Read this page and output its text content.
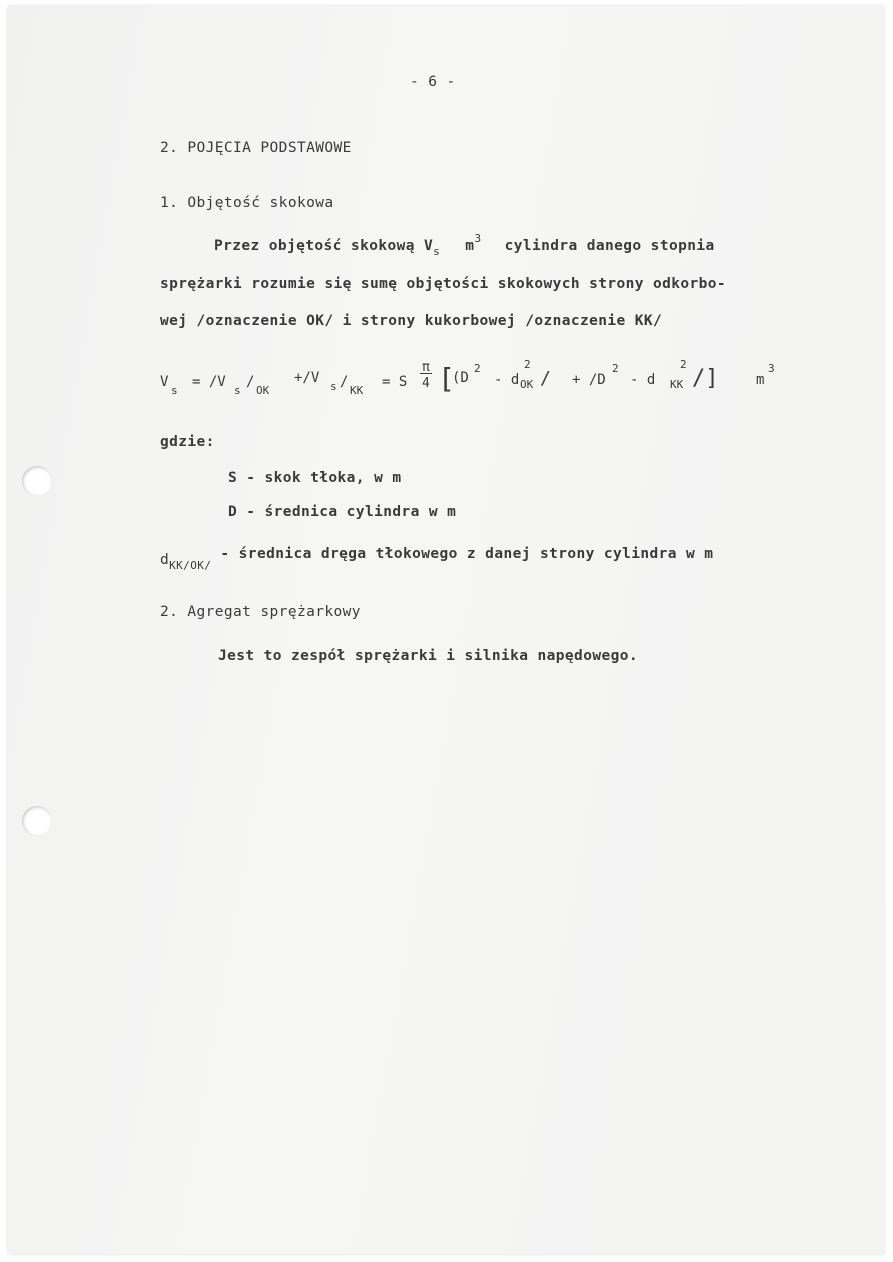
- 6 -
2. POJĘCIA PODSTAWOWE
1. Objętość skokowa
Przez objętość skokową $V_s$ $m^3$ cylindra danego stopnia
sprężarki rozumie się sumę objętości skokowych strony odkorbo-
wej /oznaczenie OK/ i strony kukorbowej /oznaczenie KK/
V
s
= /V
s
/
OK
+/V
s /
KK
= S
π
4 [
(D
2
- d
2
OK / + /D
2
- d
2
KK /]	m
3
gdzie:
S - skok tłoka, w m
D - średnica cylindra w m
$d_{KK/OK/}$ - średnica dręga tłokowego z danej strony cylindra w m
2. Agregat sprężarkowy
Jest to zespół sprężarki i silnika napędowego.
